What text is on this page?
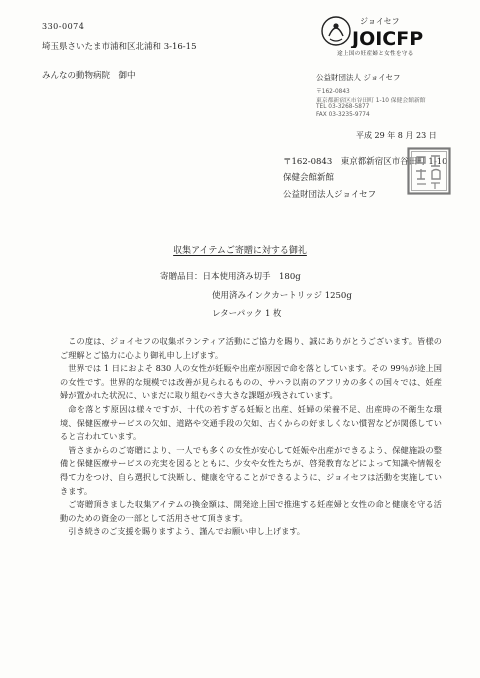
330-0074
埼玉県さいたま市浦和区北浦和 3-16-15
みんなの動物病院　御中
ジョイセフ
JOICFP
途上国の妊産婦と女性を守る
公益財団法人 ジョイセフ
〒162-0843
東京都新宿区市谷田町 1-10 保健会館新館
TEL 03-3268-5877
FAX 03-3235-9774
平成 29 年 8 月 23 日
〒162-0843　東京都新宿区市谷田町 1-10
保健会館新館
公益財団法人ジョイセフ
収集アイテムご寄贈に対する御礼
寄贈品目：日本使用済み切手　180g
使用済みインクカートリッジ 1250g
レターパック 1 枚

この度は、ジョイセフの収集ボランティア活動にご協力を賜り、誠にありがとうございます。皆様のご理解とご協力に心より御礼申し上げます。

世界では 1 日におよそ 830 人の女性が妊娠や出産が原因で命を落としています。その 99％が途上国の女性です。世界的な規模では改善が見られるものの、サハラ以南のアフリカの多くの国々では、妊産婦が置かれた状況に、いまだに取り組むべき大きな課題が残されています。

命を落とす原因は様々ですが、十代の若すぎる妊娠と出産、妊婦の栄養不足、出産時の不衛生な環境、保健医療サービスの欠如、道路や交通手段の欠如、古くからの好ましくない慣習などが関係していると言われています。

皆さまからのご寄贈により、一人でも多くの女性が安心して妊娠や出産ができるよう、保健施設の整備と保健医療サービスの充実を図るとともに、少女や女性たちが、啓発教育などによって知識や情報を得て力をつけ、自ら選択して決断し、健康を守ることができるように、ジョイセフは活動を実施していきます。

ご寄贈頂きました収集アイテムの換金額は、開発途上国で推進する妊産婦と女性の命と健康を守る活動のための資金の一部として活用させて頂きます。

引き続きのご支援を賜りますよう、謹んでお願い申し上げます。
